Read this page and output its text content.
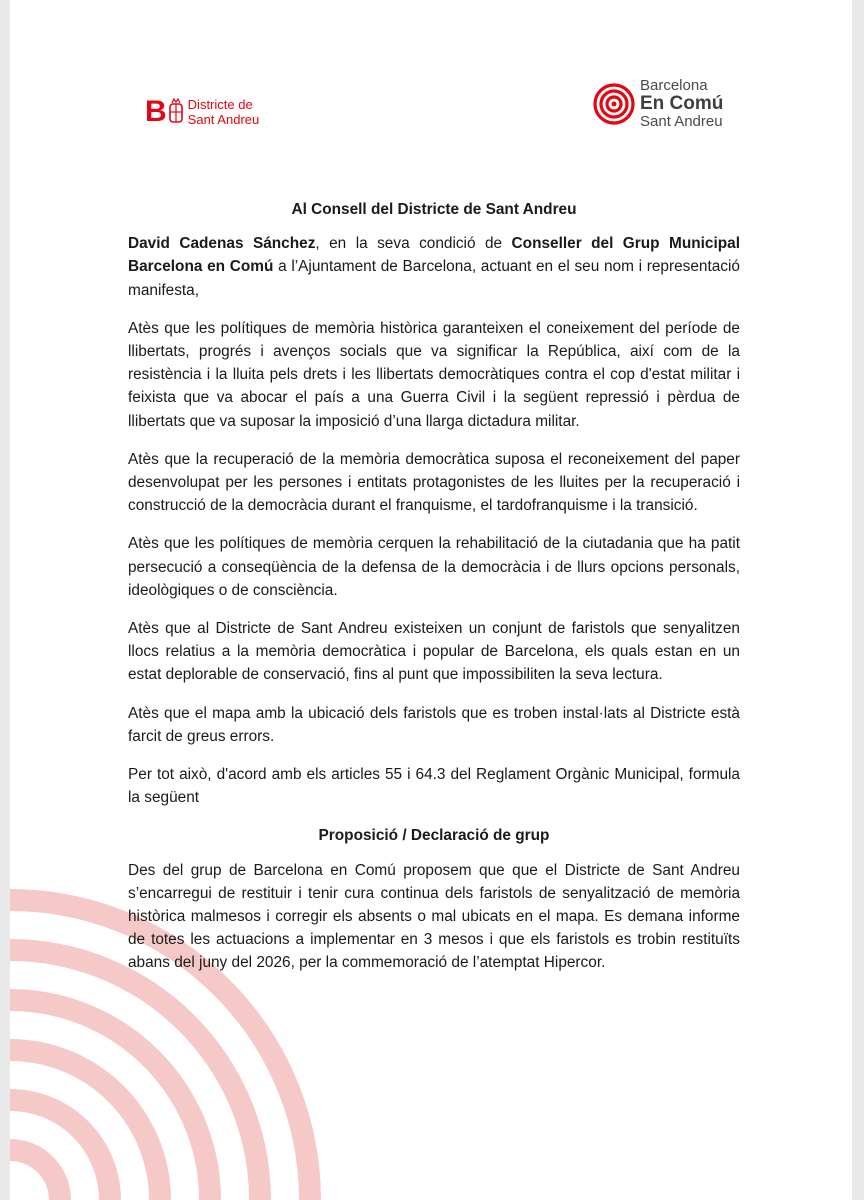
B Districte de
Sant Andreu
Barcelona
En Comú
Sant Andreu
Al Consell del Districte de Sant Andreu

David Cadenas Sánchez, en la seva condició de Conseller del Grup Municipal Barcelona en Comú a l’Ajuntament de Barcelona, actuant en el seu nom i representació manifesta,

Atès que les polítiques de memòria històrica garanteixen el coneixement del període de llibertats, progrés i avenços socials que va significar la República, així com de la resistència i la lluita pels drets i les llibertats democràtiques contra el cop d'estat militar i feixista que va abocar el país a una Guerra Civil i la següent repressió i pèrdua de llibertats que va suposar la imposició d’una llarga dictadura militar.

Atès que la recuperació de la memòria democràtica suposa el reconeixement del paper desenvolupat per les persones i entitats protagonistes de les lluites per la recuperació i construcció de la democràcia durant el franquisme, el tardofranquisme i la transició.

Atès que les polítiques de memòria cerquen la rehabilitació de la ciutadania que ha patit persecució a conseqüència de la defensa de la democràcia i de llurs opcions personals, ideològiques o de consciència.

Atès que al Districte de Sant Andreu existeixen un conjunt de faristols que senyalitzen llocs relatius a la memòria democràtica i popular de Barcelona, els quals estan en un estat deplorable de conservació, fins al punt que impossibiliten la seva lectura.

Atès que el mapa amb la ubicació dels faristols que es troben instal·lats al Districte està farcit de greus errors.

Per tot això, d'acord amb els articles 55 i 64.3 del Reglament Orgànic Municipal, formula la següent

Proposició / Declaració de grup

Des del grup de Barcelona en Comú proposem que que el Districte de Sant Andreu s’encarregui de restituir i tenir cura continua dels faristols de senyalització de memòria històrica malmesos i corregir els absents o mal ubicats en el mapa. Es demana informe de totes les actuacions a implementar en 3 mesos i que els faristols es trobin restituïts abans del juny del 2026, per la commemoració de l’atemptat Hipercor.
